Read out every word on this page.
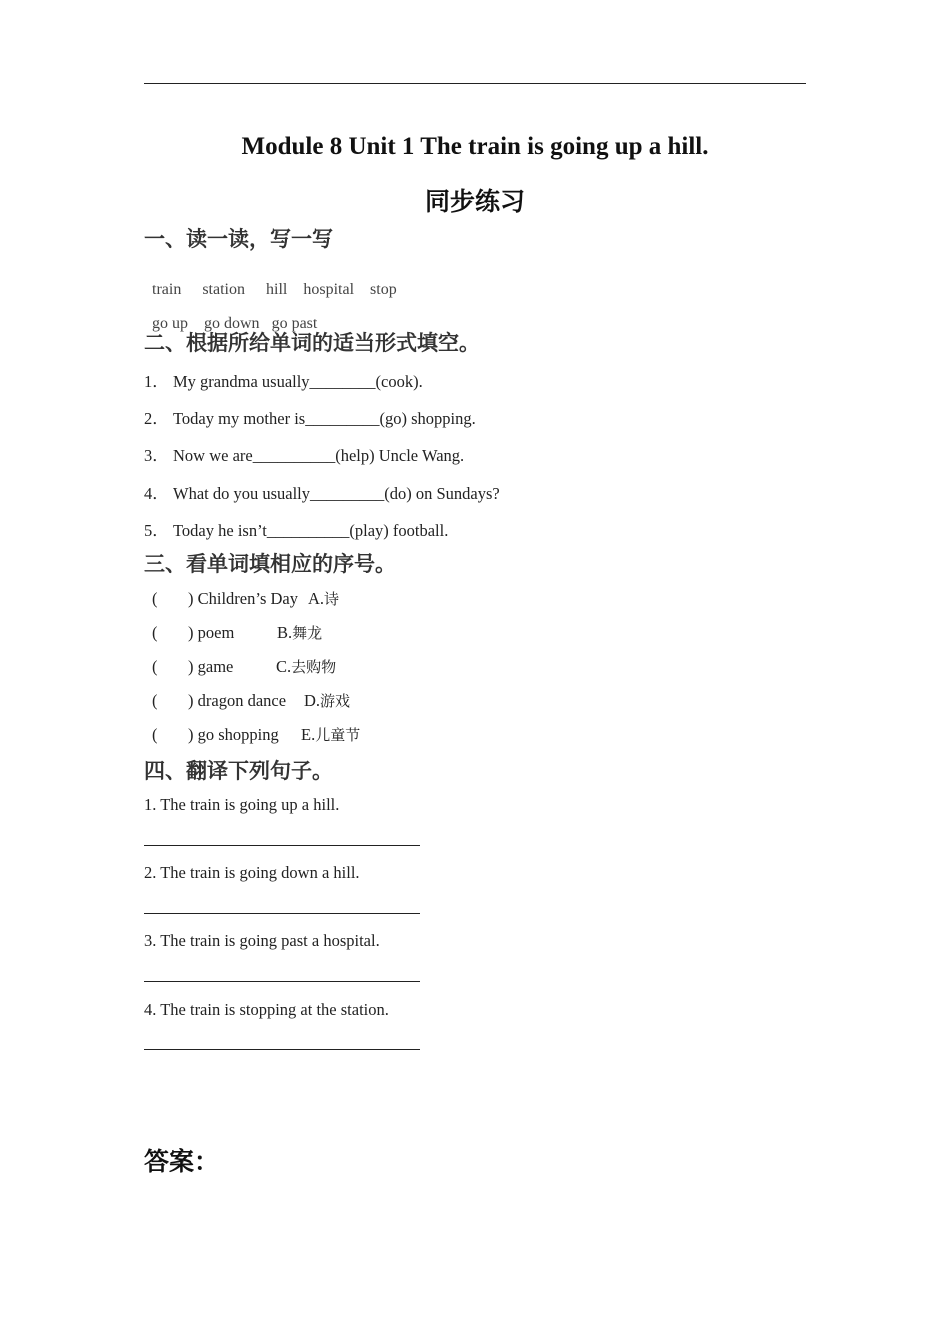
Module 8 Unit 1 The train is going up a hill.
同步练习
一、读一读，写一写

train station hill hospital stop

go up go down go past

二、根据所给单词的适当形式填空。
1． My grandma usually________(cook).
2． Today my mother is_________(go) shopping.
3． Now we are__________(help) Uncle Wang.
4． What do you usually_________(do) on Sundays?
5． Today he isn’t__________(play) football.
三、看单词填相应的序号。
( ) Children’s Day A.诗
( ) poem	B.舞龙
( ) game	C.去购物
( ) dragon dance D.游戏
( ) go shopping E.儿童节
四、翻译下列句子。
1. The train is going up a hill.
2. The train is going down a hill.
3. The train is going past a hospital.
4. The train is stopping at the station.
答案：
